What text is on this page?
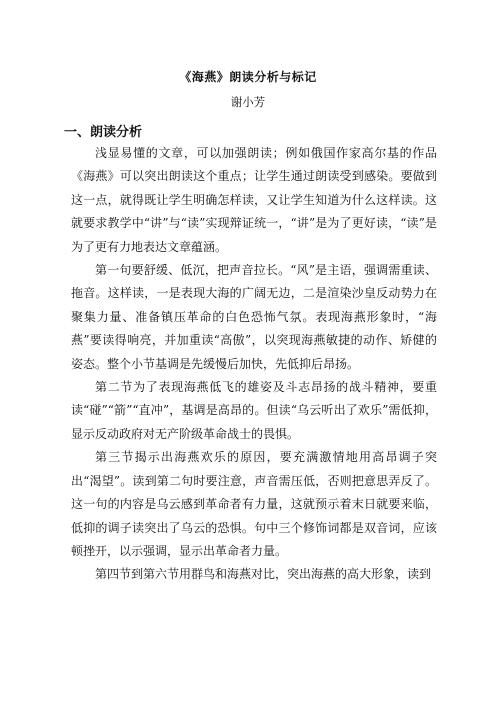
《海燕》朗读分析与标记
谢小芳
一、朗读分析

浅显易懂的文章，可以加强朗读；例如俄国作家高尔基的作品《海燕》可以突出朗读这个重点；让学生通过朗读受到感染。要做到这一点，就得既让学生明确怎样读，又让学生知道为什么这样读。这就要求教学中“讲”与“读”实现辩证统一，“讲”是为了更好读，“读”是为了更有力地表达文章蕴涵。

第一句要舒缓、低沉，把声音拉长。“风”是主语，强调需重读、拖音。这样读，一是表现大海的广阔无边，二是渲染沙皇反动势力在聚集力量、准备镇压革命的白色恐怖气氛。表现海燕形象时，“海燕”要读得响亮，并加重读“高傲”，以突现海燕敏捷的动作、矫健的姿态。整个小节基调是先缓慢后加快，先低抑后昂扬。

第二节为了表现海燕低飞的雄姿及斗志昂扬的战斗精神，要重读“碰”“箭”“直冲”，基调是高昂的。但读“乌云听出了欢乐”需低抑，显示反动政府对无产阶级革命战士的畏惧。

第三节揭示出海燕欢乐的原因，要充满激情地用高昂调子突出“渴望”。读到第二句时要注意，声音需压低，否则把意思弄反了。这一句的内容是乌云感到革命者有力量，这就预示着末日就要来临，低抑的调子读突出了乌云的恐惧。句中三个修饰词都是双音词，应该顿挫开，以示强调，显示出革命者力量。

第四节到第六节用群鸟和海燕对比，突出海燕的高大形象，读到
